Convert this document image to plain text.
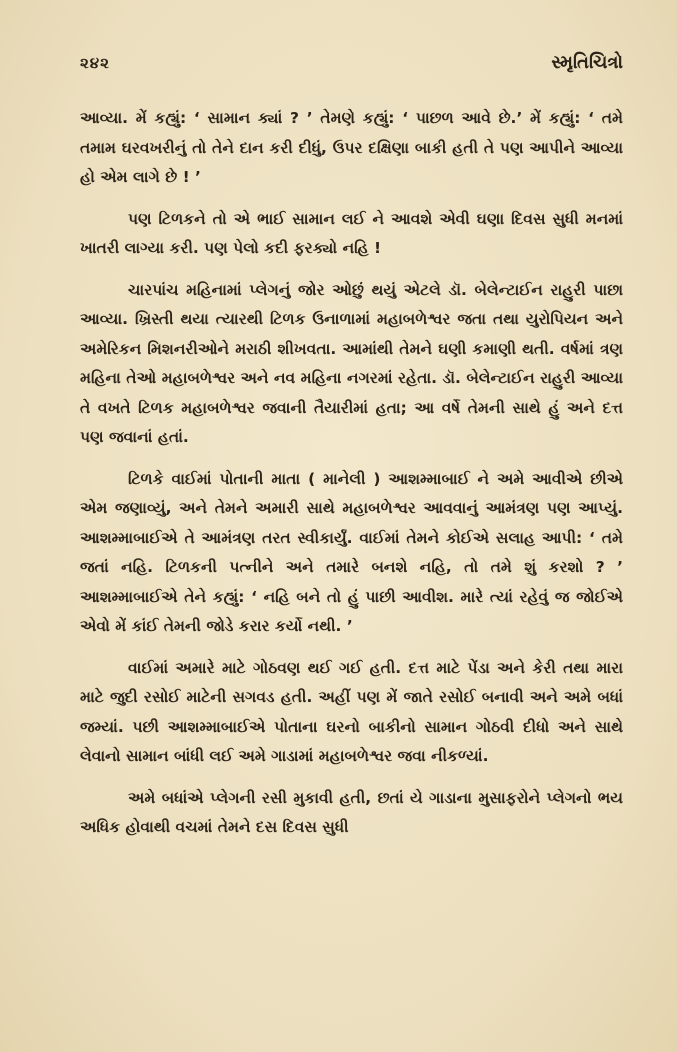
૨૪૨	સ્મૃતિચિત્રો

આવ્યા. મેં કહ્યું: ‘ સામાન ક્યાં ? ’ તેમણે કહ્યું: ‘ પાછળ આવે છે.’ મેં કહ્યું: ‘ તમે તમામ ઘરવખરીનું તો તેને દાન કરી દીધું, ઉપર દક્ષિણા બાકી હતી તે પણ આપીને આવ્યા હો એમ લાગે છે ! ’

પણ ટિળકને તો એ ભાઈ સામાન લઈ ને આવશે એવી ઘણા દિવસ સુધી મનમાં ખાતરી લાગ્યા કરી. પણ પેલો કદી ફરક્યો નહિ !

ચારપાંચ મહિનામાં પ્લેગનું જોર ઓછું થયું એટલે ડૉ. બેલેન્ટાઈન રાહુરી પાછા આવ્યા. ખ્રિસ્તી થયા ત્યારથી ટિળક ઉનાળામાં મહાબળેશ્વર જતા તથા યુરોપિયન અને અમેરિકન મિશનરીઓને મરાઠી શીખવતા. આમાંથી તેમને ઘણી કમાણી થતી. વર્ષમાં ત્રણ મહિના તેઓ મહાબળેશ્વર અને નવ મહિના નગરમાં રહેતા. ડૉ. બેલેન્ટાઈન રાહુરી આવ્યા તે વખતે ટિળક મહાબળેશ્વર જવાની તૈયારીમાં હતા; આ વર્ષે તેમની સાથે હું અને દત્ત પણ જવાનાં હતાં.

ટિળકે વાઈમાં પોતાની માતા ( માનેલી ) આશમ્માબાઈ ને અમે આવીએ છીએ એમ જણાવ્યું, અને તેમને અમારી સાથે મહાબળેશ્વર આવવાનું આમંત્રણ પણ આપ્યું. આશમ્માબાઈએ તે આમંત્રણ તરત સ્વીકાર્યું. વાઈમાં તેમને કોઈએ સલાહ આપી: ‘ તમે જતાં નહિ. ટિળકની પત્નીને અને તમારે બનશે નહિ, તો તમે શું કરશો ? ’ આશમ્માબાઈએ તેને કહ્યું: ‘ નહિ બને તો હું પાછી આવીશ. મારે ત્યાં રહેવું જ જોઈએ એવો મેં કાંઈ તેમની જોડે કરાર કર્યો નથી. ’

વાઈમાં અમારે માટે ગોઠવણ થઈ ગઈ હતી. દત્ત માટે પેંડા અને કેરી તથા મારા માટે જુદી રસોઈ માટેની સગવડ હતી. અહીં પણ મેં જાતે રસોઈ બનાવી અને અમે બધાં જમ્યાં. પછી આશમ્માબાઈએ પોતાના ઘરનો બાકીનો સામાન ગોઠવી દીધો અને સાથે લેવાનો સામાન બાંધી લઈ અમે ગાડામાં મહાબળેશ્વર જવા નીકળ્યાં.

અમે બધાંએ પ્લેગની રસી મુકાવી હતી, છતાં યે ગાડાના મુસાફરોને પ્લેગનો ભય અધિક હોવાથી વચમાં તેમને દસ દિવસ સુધી
